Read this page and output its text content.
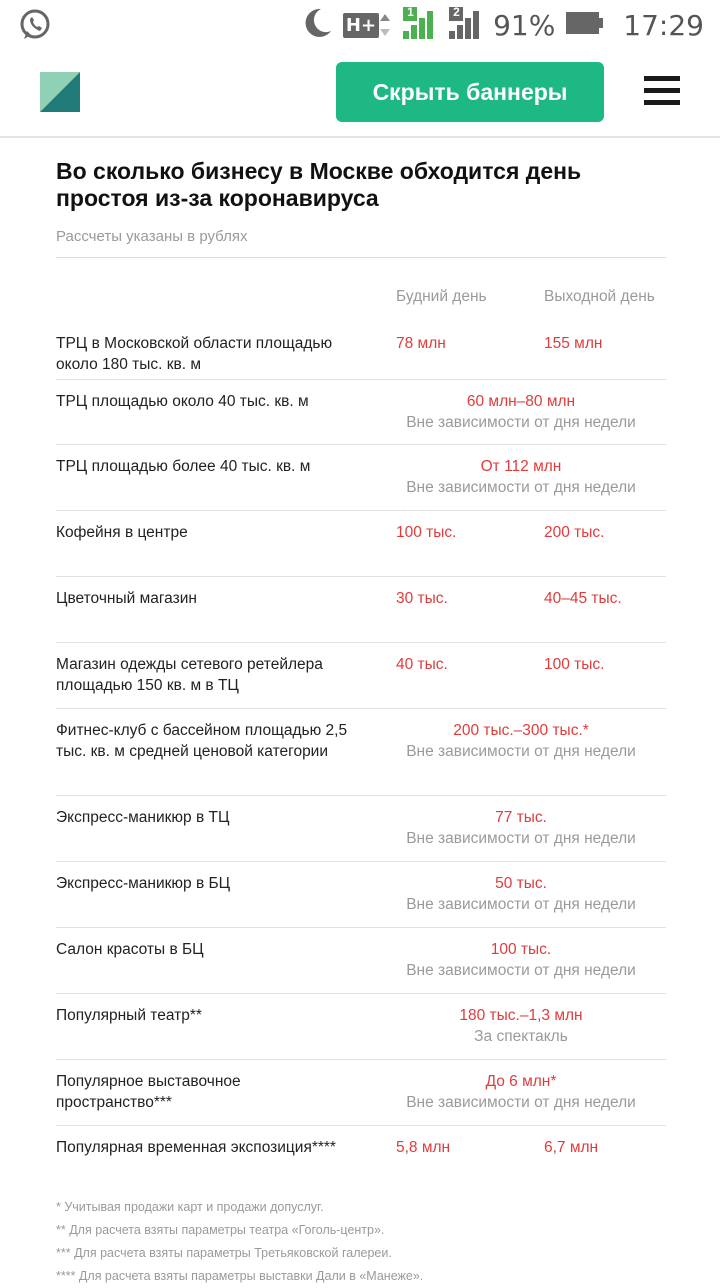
H+
1	2 91% 17:29
Скрыть баннеры
Во сколько бизнесу в Москве обходится день простоя из-за коронавируса
Рассчеты указаны в рублях
Будний день	Выходной день
ТРЦ в Московской области площадью около 180 тыс. кв. м
78 млн	155 млн
ТРЦ площадью около 40 тыс. кв. м	60 млн–80 млн
Вне зависимости от дня недели
ТРЦ площадью более 40 тыс. кв. м	От 112 млн
Вне зависимости от дня недели
Кофейня в центре	100 тыс.	200 тыс.
Цветочный магазин	30 тыс.	40–45 тыс.
Магазин одежды сетевого ретейлера площадью 150 кв. м в ТЦ
40 тыс.	100 тыс.
Фитнес-клуб с бассейном площадью 2,5 тыс. кв. м средней ценовой категории
200 тыс.–300 тыс.*
Вне зависимости от дня недели
Экспресс-маникюр в ТЦ	77 тыс.
Вне зависимости от дня недели
Экспресс-маникюр в БЦ	50 тыс.
Вне зависимости от дня недели
Салон красоты в БЦ	100 тыс.
Вне зависимости от дня недели
Популярный театр**	180 тыс.–1,3 млн
За спектакль
Популярное выставочное пространство***
До 6 млн*
Вне зависимости от дня недели
Популярная временная экспозиция****	5,8 млн	6,7 млн
* Учитывая продажи карт и продажи допуслуг.
** Для расчета взяты параметры театра «Гоголь-центр».
*** Для расчета взяты параметры Третьяковской галереи.
**** Для расчета взяты параметры выставки Дали в «Манеже».
